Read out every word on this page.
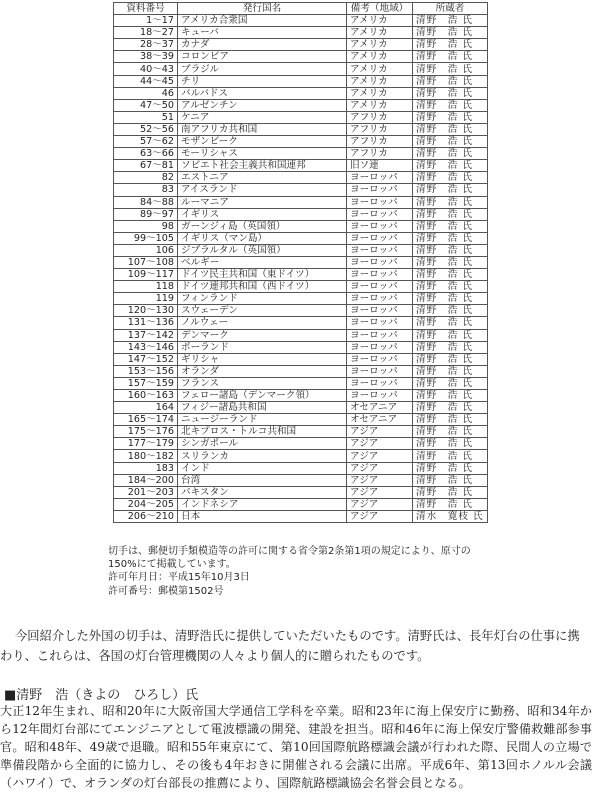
資料番号	発行国名	備考（地域）	所蔵者
1～17	アメリカ合衆国	アメリカ	清野　浩 氏
18～27	キューバ	アメリカ	清野　浩 氏
28～37	カナダ	アメリカ	清野　浩 氏
38～39	コロンビア	アメリカ	清野　浩 氏
40～43	ブラジル	アメリカ	清野　浩 氏
44～45	チリ	アメリカ	清野　浩 氏
46	バルバドス	アメリカ	清野　浩 氏
47～50	アルゼンチン	アメリカ	清野　浩 氏
51	ケニア	アフリカ	清野　浩 氏
52～56	南アフリカ共和国	アフリカ	清野　浩 氏
57～62	モザンビーク	アフリカ	清野　浩 氏
63～66	モーリシャス	アフリカ	清野　浩 氏
67～81	ソビエト社会主義共和国連邦	旧ソ連	清野　浩 氏
82	エストニア	ヨーロッパ	清野　浩 氏
83	アイスランド	ヨーロッパ	清野　浩 氏
84～88	ルーマニア	ヨーロッパ	清野　浩 氏
89～97	イギリス	ヨーロッパ	清野　浩 氏
98	ガーンジィ島（英国領）	ヨーロッパ	清野　浩 氏
99～105	イギリス（マン島）	ヨーロッパ	清野　浩 氏
106	ジブラルタル（英国領）	ヨーロッパ	清野　浩 氏
107～108	ベルギー	ヨーロッパ	清野　浩 氏
109～117	ドイツ民主共和国（東ドイツ）	ヨーロッパ	清野　浩 氏
118	ドイツ連邦共和国（西ドイツ）	ヨーロッパ	清野　浩 氏
119	フィンランド	ヨーロッパ	清野　浩 氏
120～130	スウェーデン	ヨーロッパ	清野　浩 氏
131～136	ノルウェー	ヨーロッパ	清野　浩 氏
137～142	デンマーク	ヨーロッパ	清野　浩 氏
143～146	ポーランド	ヨーロッパ	清野　浩 氏
147～152	ギリシャ	ヨーロッパ	清野　浩 氏
153～156	オランダ	ヨーロッパ	清野　浩 氏
157～159	フランス	ヨーロッパ	清野　浩 氏
160～163	フェロー諸島（デンマーク領）	ヨーロッパ	清野　浩 氏
164	フィジー諸島共和国	オセアニア	清野　浩 氏
165～174	ニュージーランド	オセアニア	清野　浩 氏
175～176	北キプロス・トルコ共和国	アジア	清野　浩 氏
177～179	シンガポール	アジア	清野　浩 氏
180～182	スリランカ	アジア	清野　浩 氏
183	インド	アジア	清野　浩 氏
184～200	台湾	アジア	清野　浩 氏
201～203	パキスタン	アジア	清野　浩 氏
204～205	インドネシア	アジア	清野　浩 氏
206～210	日本	アジア	清水　寛枝 氏
切手は、郵便切手類模造等の許可に関する省令第2条第1項の規定により、原寸の
150%にて掲載しています。
許可年月日：平成15年10月3日
許可番号：郵模第1502号
今回紹介した外国の切手は、清野浩氏に提供していただいたものです。清野氏は、長年灯台の仕事に携わり、これらは、各国の灯台管理機関の人々より個人的に贈られたものです。
■清野　浩（きよの　ひろし）氏
大正12年生まれ、昭和20年に大阪帝国大学通信工学科を卒業。昭和23年に海上保安庁に勤務、昭和34年から12年間灯台部にてエンジニアとして電波標識の開発、建設を担当。昭和46年に海上保安庁警備救難部参事官。昭和48年、49歳で退職。昭和55年東京にて、第10回国際航路標識会議が行われた際、民間人の立場で準備段階から全面的に協力し、その後も4年おきに開催される会議に出席。平成6年、第13回ホノルル会議（ハワイ）で、オランダの灯台部長の推薦により、国際航路標識協会名誉会員となる。
